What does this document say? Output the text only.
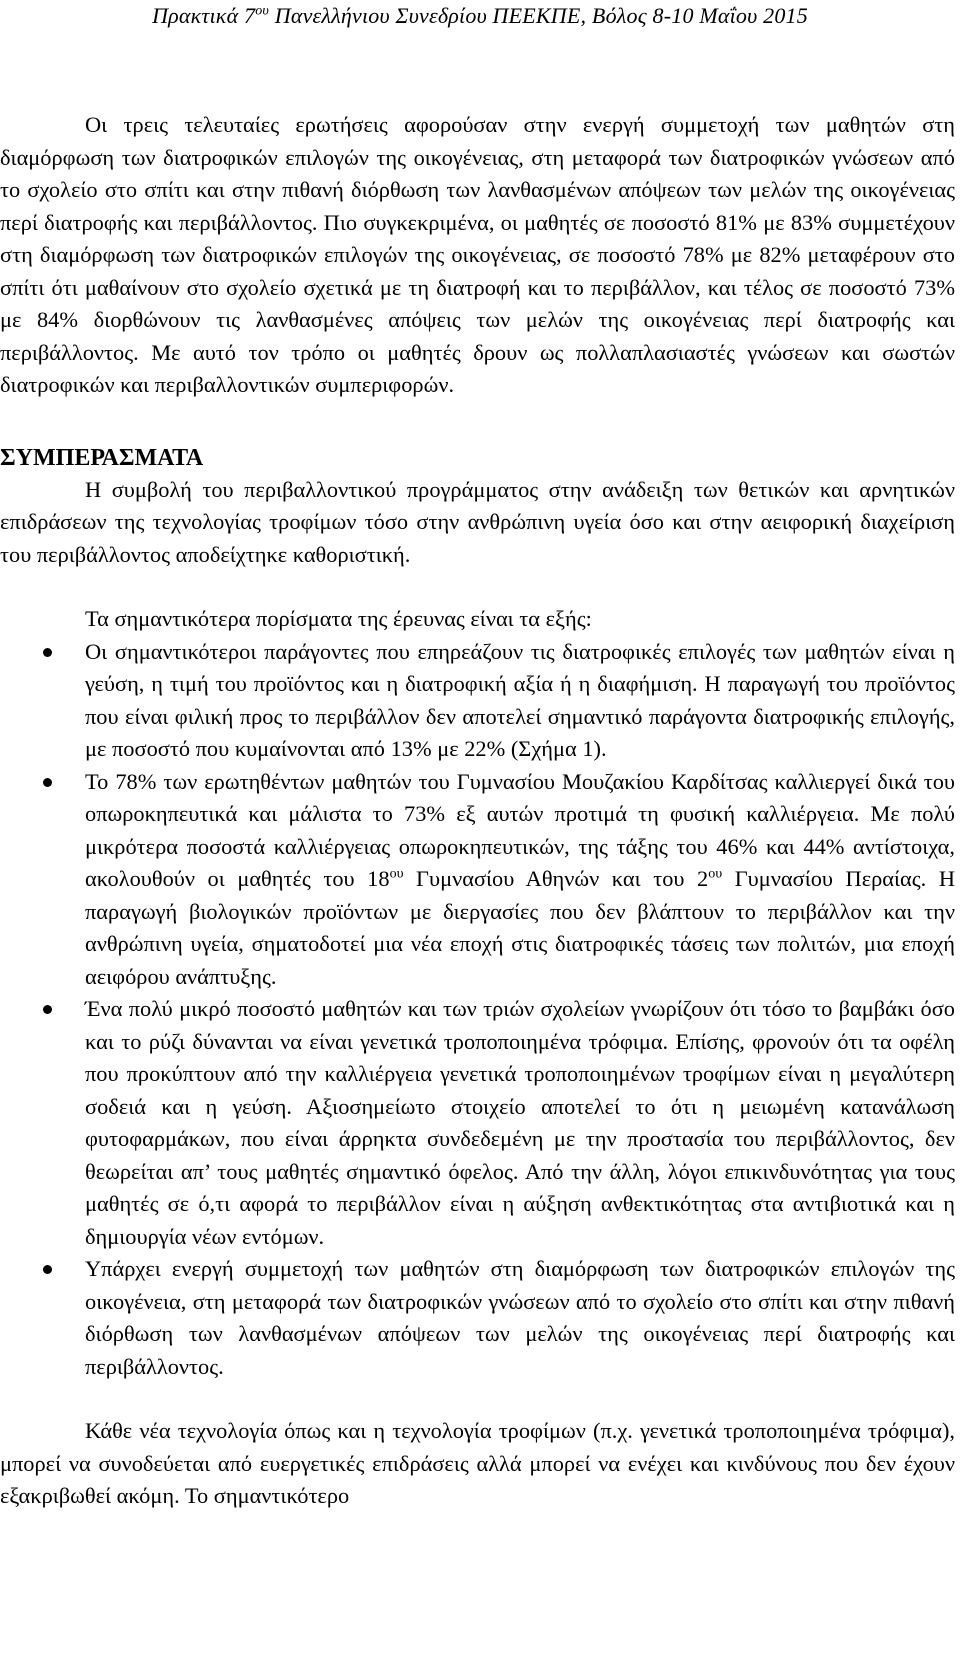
Πρακτικά $7^{o\upsilon}$ Πανελλήνιου Συνεδρίου ΠΕΕΚΠΕ, Βόλος 8-10 Μαΐου 2015

Οι τρεις τελευταίες ερωτήσεις αφορούσαν στην ενεργή συμμετοχή των μαθητών στη διαμόρφωση των διατροφικών επιλογών της οικογένειας, στη μεταφορά των διατροφικών γνώσεων από το σχολείο στο σπίτι και στην πιθανή διόρθωση των λανθασμένων απόψεων των μελών της οικογένειας περί διατροφής και περιβάλλοντος. Πιο συγκεκριμένα, οι μαθητές σε ποσοστό 81% με 83% συμμετέχουν στη διαμόρφωση των διατροφικών επιλογών της οικογένειας, σε ποσοστό 78% με 82% μεταφέρουν στο σπίτι ότι μαθαίνουν στο σχολείο σχετικά με τη διατροφή και το περιβάλλον, και τέλος σε ποσοστό 73% με 84% διορθώνουν τις λανθασμένες απόψεις των μελών της οικογένειας περί διατροφής και περιβάλλοντος. Με αυτό τον τρόπο οι μαθητές δρουν ως πολλαπλασιαστές γνώσεων και σωστών διατροφικών και περιβαλλοντικών συμπεριφορών.

ΣΥΜΠΕΡΑΣΜΑΤΑ

Η συμβολή του περιβαλλοντικού προγράμματος στην ανάδειξη των θετικών και αρνητικών επιδράσεων της τεχνολογίας τροφίμων τόσο στην ανθρώπινη υγεία όσο και στην αειφορική διαχείριση του περιβάλλοντος αποδείχτηκε καθοριστική.

Τα σημαντικότερα πορίσματα της έρευνας είναι τα εξής:

Οι σημαντικότεροι παράγοντες που επηρεάζουν τις διατροφικές επιλογές των μαθητών είναι η γεύση, η τιμή του προϊόντος και η διατροφική αξία ή η διαφήμιση. Η παραγωγή του προϊόντος που είναι φιλική προς το περιβάλλον δεν αποτελεί σημαντικό παράγοντα διατροφικής επιλογής, με ποσοστό που κυμαίνονται από 13% με 22% (Σχήμα 1).
Το 78% των ερωτηθέντων μαθητών του Γυμνασίου Μουζακίου Καρδίτσας καλλιεργεί δικά του οπωροκηπευτικά και μάλιστα το 73% εξ αυτών προτιμά τη φυσική καλλιέργεια. Με πολύ μικρότερα ποσοστά καλλιέργειας οπωροκηπευτικών, της τάξης του 46% και 44% αντίστοιχα, ακολουθούν οι μαθητές του $18^{o\upsilon}$ Γυμνασίου Αθηνών και του $2^{o\upsilon}$ Γυμνασίου Περαίας. Η παραγωγή βιολογικών προϊόντων με διεργασίες που δεν βλάπτουν το περιβάλλον και την ανθρώπινη υγεία, σηματοδοτεί μια νέα εποχή στις διατροφικές τάσεις των πολιτών, μια εποχή αειφόρου ανάπτυξης.
Ένα πολύ μικρό ποσοστό μαθητών και των τριών σχολείων γνωρίζουν ότι τόσο το βαμβάκι όσο και το ρύζι δύνανται να είναι γενετικά τροποποιημένα τρόφιμα. Επίσης, φρονούν ότι τα οφέλη που προκύπτουν από την καλλιέργεια γενετικά τροποποιημένων τροφίμων είναι η μεγαλύτερη σοδειά και η γεύση. Αξιοσημείωτο στοιχείο αποτελεί το ότι η μειωμένη κατανάλωση φυτοφαρμάκων, που είναι άρρηκτα συνδεδεμένη με την προστασία του περιβάλλοντος, δεν θεωρείται απ’ τους μαθητές σημαντικό όφελος. Από την άλλη, λόγοι επικινδυνότητας για τους μαθητές σε ό,τι αφορά το περιβάλλον είναι η αύξηση ανθεκτικότητας στα αντιβιοτικά και η δημιουργία νέων εντόμων.
Υπάρχει ενεργή συμμετοχή των μαθητών στη διαμόρφωση των διατροφικών επιλογών της οικογένεια, στη μεταφορά των διατροφικών γνώσεων από το σχολείο στο σπίτι και στην πιθανή διόρθωση των λανθασμένων απόψεων των μελών της οικογένειας περί διατροφής και περιβάλλοντος.

Κάθε νέα τεχνολογία όπως και η τεχνολογία τροφίμων (π.χ. γενετικά τροποποιημένα τρόφιμα), μπορεί να συνοδεύεται από ευεργετικές επιδράσεις αλλά μπορεί να ενέχει και κινδύνους που δεν έχουν εξακριβωθεί ακόμη. Το σημαντικότερο
